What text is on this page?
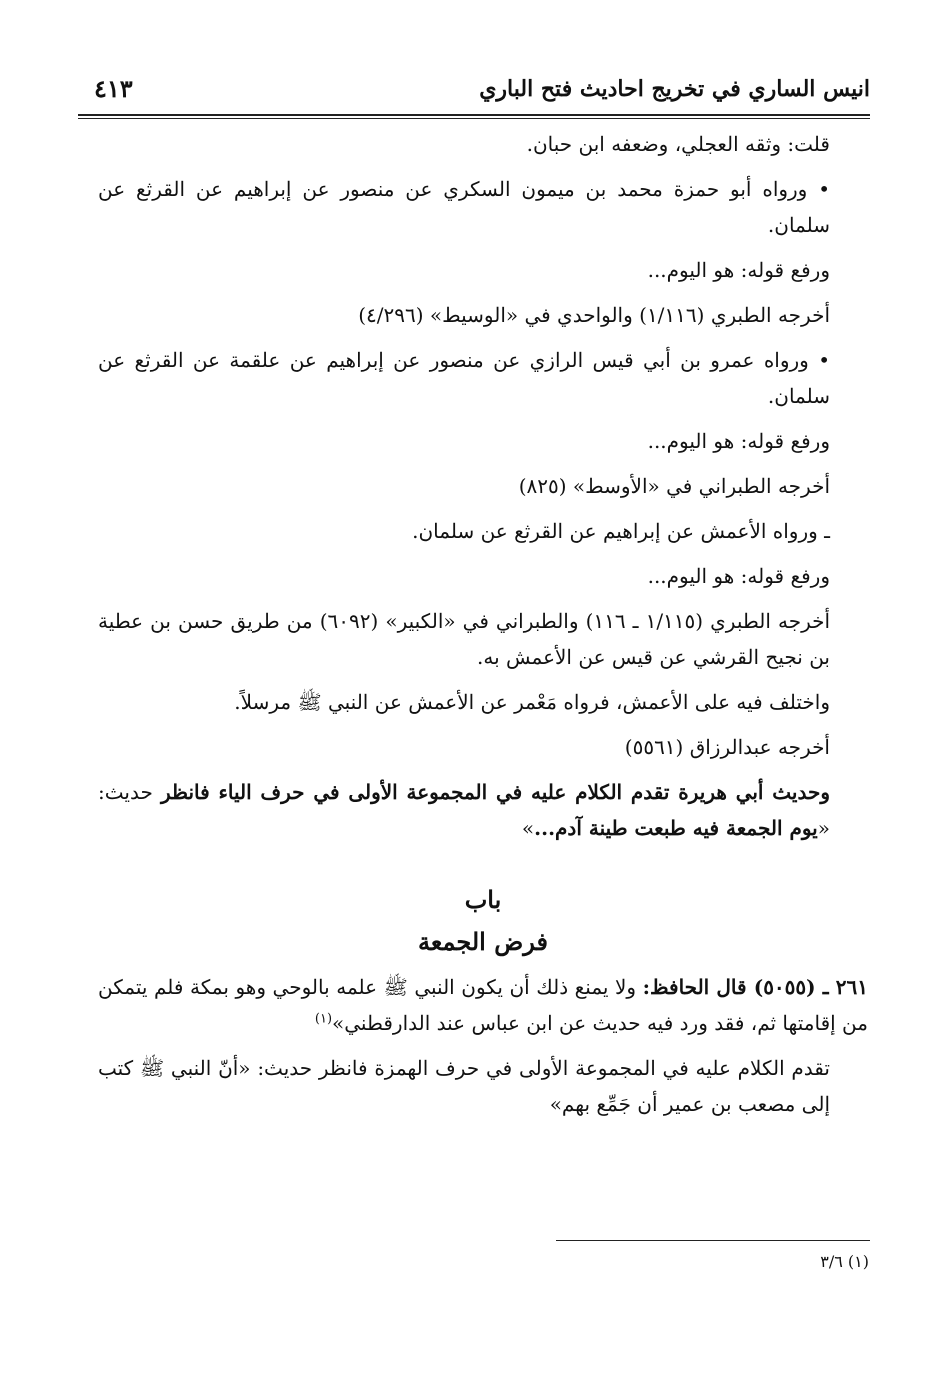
انيس الساري في تخريج احاديث فتح الباري
٤١٣

قلت: وثقه العجلي، وضعفه ابن حبان.

• ورواه أبو حمزة محمد بن ميمون السكري عن منصور عن إبراهيم عن القرثع عن سلمان.

ورفع قوله: هو اليوم...

أخرجه الطبري (١/١١٦) والواحدي في «الوسيط» (٤/٢٩٦)

• ورواه عمرو بن أبي قيس الرازي عن منصور عن إبراهيم عن علقمة عن القرثع عن سلمان.

ورفع قوله: هو اليوم...

أخرجه الطبراني في «الأوسط» (٨٢٥)

ـ ورواه الأعمش عن إبراهيم عن القرثع عن سلمان.

ورفع قوله: هو اليوم...

أخرجه الطبري (١/١١٥ ـ ١١٦) والطبراني في «الكبير» (٦٠٩٢) من طريق حسن بن عطية بن نجيح القرشي عن قيس عن الأعمش به.

واختلف فيه على الأعمش، فرواه مَعْمر عن الأعمش عن النبي ﷺ مرسلاً.

أخرجه عبدالرزاق (٥٥٦١)

وحديث أبي هريرة تقدم الكلام عليه في المجموعة الأولى في حرف الياء فانظر حديث: «يوم الجمعة فيه طبعت طينة آدم...»

باب

فرض الجمعة

٢٦١ ـ (٥٠٥٥) قال الحافظ: ولا يمنع ذلك أن يكون النبي ﷺ علمه بالوحي وهو بمكة فلم يتمكن من إقامتها ثم، فقد ورد فيه حديث عن ابن عباس عند الدارقطني»$^{(١)}$

تقدم الكلام عليه في المجموعة الأولى في حرف الهمزة فانظر حديث: «أنّ النبي ﷺ كتب إلى مصعب بن عمير أن جَمِّع بهم»

(١) ٣/٦
